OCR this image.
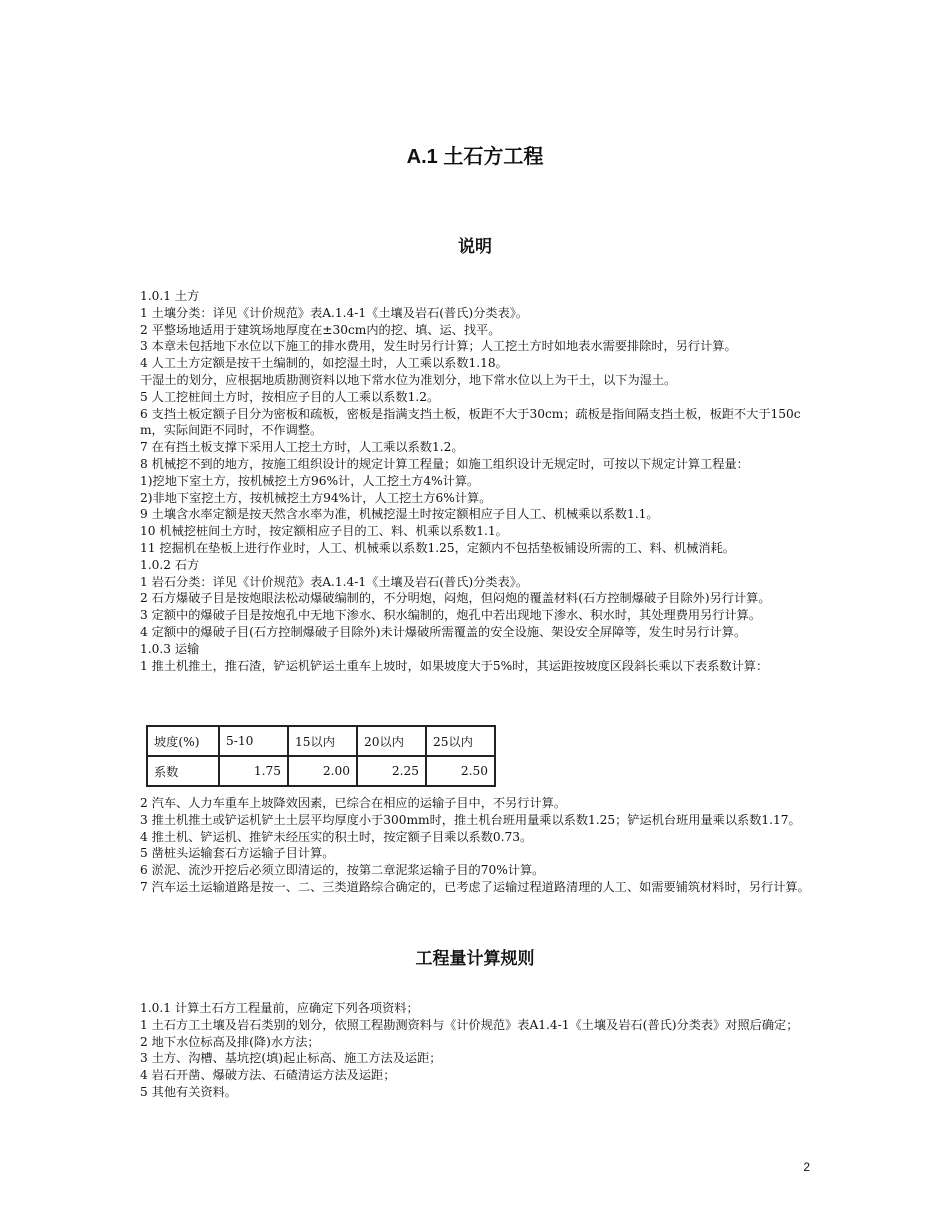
A.1 土石方工程
说明

1.0.1 土方

1 土壤分类：详见《计价规范》表A.1.4-1《土壤及岩石(普氏)分类表》。

2 平整场地适用于建筑场地厚度在±30cm内的挖、填、运、找平。

3 本章未包括地下水位以下施工的排水费用，发生时另行计算；人工挖土方时如地表水需要排除时，另行计算。

4 人工土方定额是按干土编制的，如挖湿土时，人工乘以系数1.18。

干湿土的划分，应根据地质勘测资料以地下常水位为准划分，地下常水位以上为干土，以下为湿土。

5 人工挖桩间土方时，按相应子目的人工乘以系数1.2。

6 支挡土板定额子目分为密板和疏板，密板是指满支挡土板，板距不大于30cm；疏板是指间隔支挡土板，板距不大于150cm，实际间距不同时，不作调整。

7 在有挡土板支撑下采用人工挖土方时，人工乘以系数1.2。

8 机械挖不到的地方，按施工组织设计的规定计算工程量；如施工组织设计无规定时，可按以下规定计算工程量：

1)挖地下室土方，按机械挖土方96%计，人工挖土方4%计算。

2)非地下室挖土方，按机械挖土方94%计，人工挖土方6%计算。

9 土壤含水率定额是按天然含水率为准，机械挖湿土时按定额相应子目人工、机械乘以系数1.1。

10 机械挖桩间土方时，按定额相应子目的工、料、机乘以系数1.1。

11 挖掘机在垫板上进行作业时，人工、机械乘以系数1.25，定额内不包括垫板铺设所需的工、料、机械消耗。

1.0.2 石方

1 岩石分类：详见《计价规范》表A.1.4-1《土壤及岩石(普氏)分类表》。

2 石方爆破子目是按炮眼法松动爆破编制的，不分明炮，闷炮，但闷炮的覆盖材料(石方控制爆破子目除外)另行计算。

3 定额中的爆破子目是按炮孔中无地下渗水、积水编制的，炮孔中若出现地下渗水、积水时，其处理费用另行计算。

4 定额中的爆破子目(石方控制爆破子目除外)未计爆破所需覆盖的安全设施、架设安全屏障等，发生时另行计算。

1.0.3 运输

1 推土机推土，推石渣，铲运机铲运土重车上坡时，如果坡度大于5%时，其运距按坡度区段斜长乘以下表系数计算：

坡度(%)	5-10	15以内	20以内	25以内
系数	1.75	2.00	2.25	2.50

2 汽车、人力车重车上坡降效因素，已综合在相应的运输子目中，不另行计算。

3 推土机推土或铲运机铲土土层平均厚度小于300mm时，推土机台班用量乘以系数1.25；铲运机台班用量乘以系数1.17。

4 推土机、铲运机、推铲未经压实的积土时，按定额子目乘以系数0.73。

5 凿桩头运输套石方运输子目计算。

6 淤泥、流沙开挖后必须立即清运的，按第二章泥浆运输子目的70%计算。

7 汽车运土运输道路是按一、二、三类道路综合确定的，已考虑了运输过程道路清理的人工、如需要铺筑材料时，另行计算。

工程量计算规则

1.0.1 计算土石方工程量前，应确定下列各项资料；

1 土石方工土壤及岩石类别的划分，依照工程勘测资料与《计价规范》表A1.4-1《土壤及岩石(普氏)分类表》对照后确定；

2 地下水位标高及排(降)水方法；

3 土方、沟槽、基坑挖(填)起止标高、施工方法及运距；

4 岩石开凿、爆破方法、石碴清运方法及运距；

5 其他有关资料。

2
